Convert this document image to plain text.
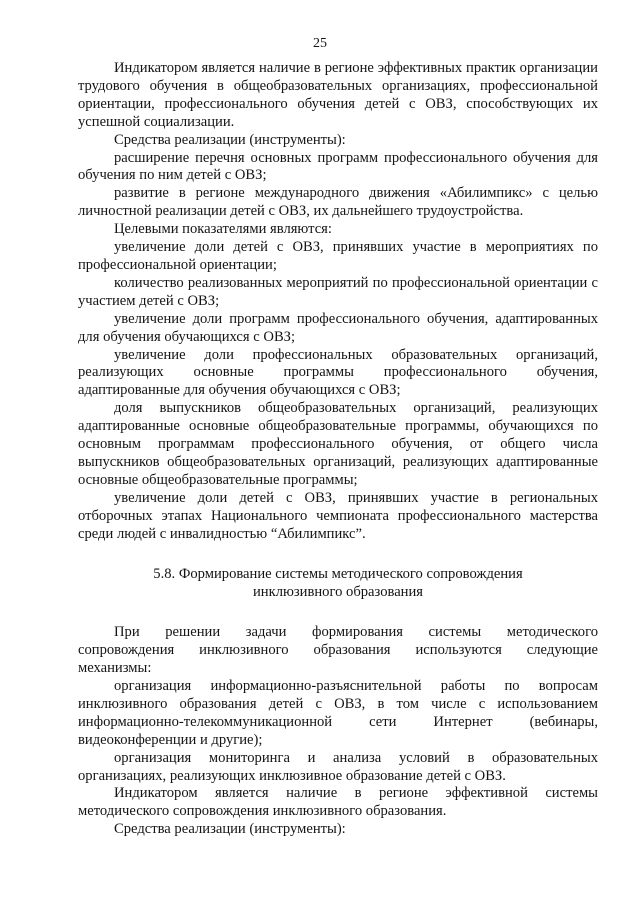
25

Индикатором является наличие в регионе эффективных практик организации трудового обучения в общеобразовательных организациях, профессиональной ориентации, профессионального обучения детей с ОВЗ, способствующих их успешной социализации.

Средства реализации (инструменты):

расширение перечня основных программ профессионального обучения для обучения по ним детей с ОВЗ;

развитие в регионе международного движения «Абилимпикс» с целью личностной реализации детей с ОВЗ, их дальнейшего трудоустройства.

Целевыми показателями являются:

увеличение доли детей с ОВЗ, принявших участие в мероприятиях по профессиональной ориентации;

количество реализованных мероприятий по профессиональной ориентации с участием детей с ОВЗ;

увеличение доли программ профессионального обучения, адаптированных для обучения обучающихся с ОВЗ;

увеличение доли профессиональных образовательных организаций, реализующих основные программы профессионального обучения, адаптированные для обучения обучающихся с ОВЗ;

доля выпускников общеобразовательных организаций, реализующих адаптированные основные общеобразовательные программы, обучающихся по основным программам профессионального обучения, от общего числа выпускников общеобразовательных организаций, реализующих адаптированные основные общеобразовательные программы;

увеличение доли детей с ОВЗ, принявших участие в региональных отборочных этапах Национального чемпионата профессионального мастерства среди людей с инвалидностью “Абилимпикс”.

5.8. Формирование системы методического сопровождения
инклюзивного образования

При решении задачи формирования системы методического сопровождения инклюзивного образования используются следующие механизмы:

организация информационно-разъяснительной работы по вопросам инклюзивного образования детей с ОВЗ, в том числе с использованием информационно-телекоммуникационной сети Интернет (вебинары, видеоконференции и другие);

организация мониторинга и анализа условий в образовательных организациях, реализующих инклюзивное образование детей с ОВЗ.

Индикатором является наличие в регионе эффективной системы методического сопровождения инклюзивного образования.

Средства реализации (инструменты):
